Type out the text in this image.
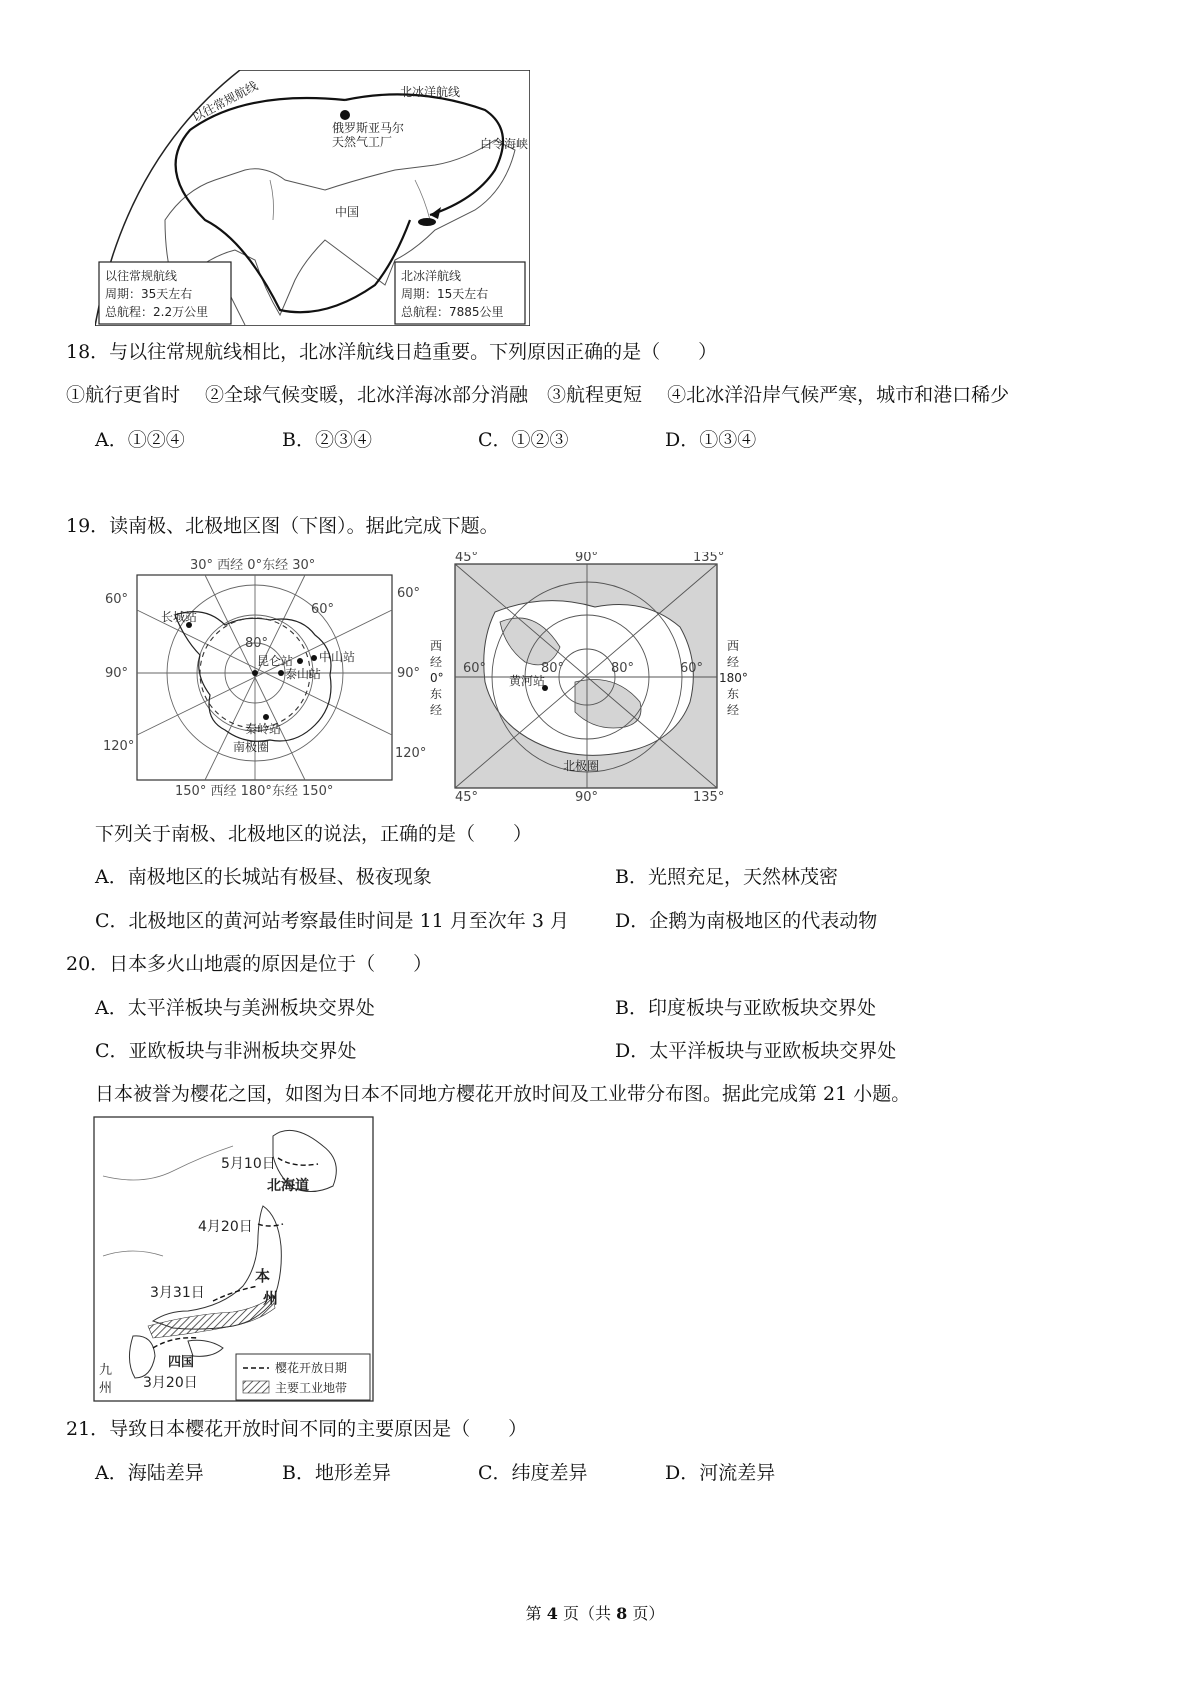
以往常规航线	北冰洋航线
俄罗斯亚马尔
天然气工厂	白令海峡
中国
以往常规航线
周期：35天左右
总航程：2.2万公里
北冰洋航线
周期：15天左右
总航程：7885公里
18．与以往常规航线相比，北冰洋航线日趋重要。下列原因正确的是（　　）
①航行更省时　 ②全球气候变暖，北冰洋海冰部分消融　③航程更短　 ④北冰洋沿岸气候严寒，城市和港口稀少
A．①②④	B．②③④	C．①②③	D．①③④
19．读南极、北极地区图（下图）。据此完成下题。
30° 西经 0°东经 30°
150° 西经 180°东经 150°
60°	60°
60°
90°	90°
120°	120°
80°
长城站
昆仑站 中山站
泰山站
秦岭站
南极圈
45°	90°	135°
45°	90°	135°
60°	60°
80°	80°
西
经
0°
东
经
西
经
180°
东
经
黄河站
北极圈
下列关于南极、北极地区的说法，正确的是（　　）
A．南极地区的长城站有极昼、极夜现象	B．光照充足，天然林茂密
C．北极地区的黄河站考察最佳时间是 11 月至次年 3 月 D．企鹅为南极地区的代表动物
20．日本多火山地震的原因是位于（　　）
A．太平洋板块与美洲板块交界处	B．印度板块与亚欧板块交界处
C．亚欧板块与非洲板块交界处	D．太平洋板块与亚欧板块交界处
日本被誉为樱花之国，如图为日本不同地方樱花开放时间及工业带分布图。据此完成第 21 小题。
5月10日
北海道
4月20日
本
州
3月31日
四国
3月20日
九
州
樱花开放日期
主要工业地带
21．导致日本樱花开放时间不同的主要原因是（　　）
A．海陆差异	B．地形差异	C．纬度差异	D．河流差异
第 4 页（共 8 页）
